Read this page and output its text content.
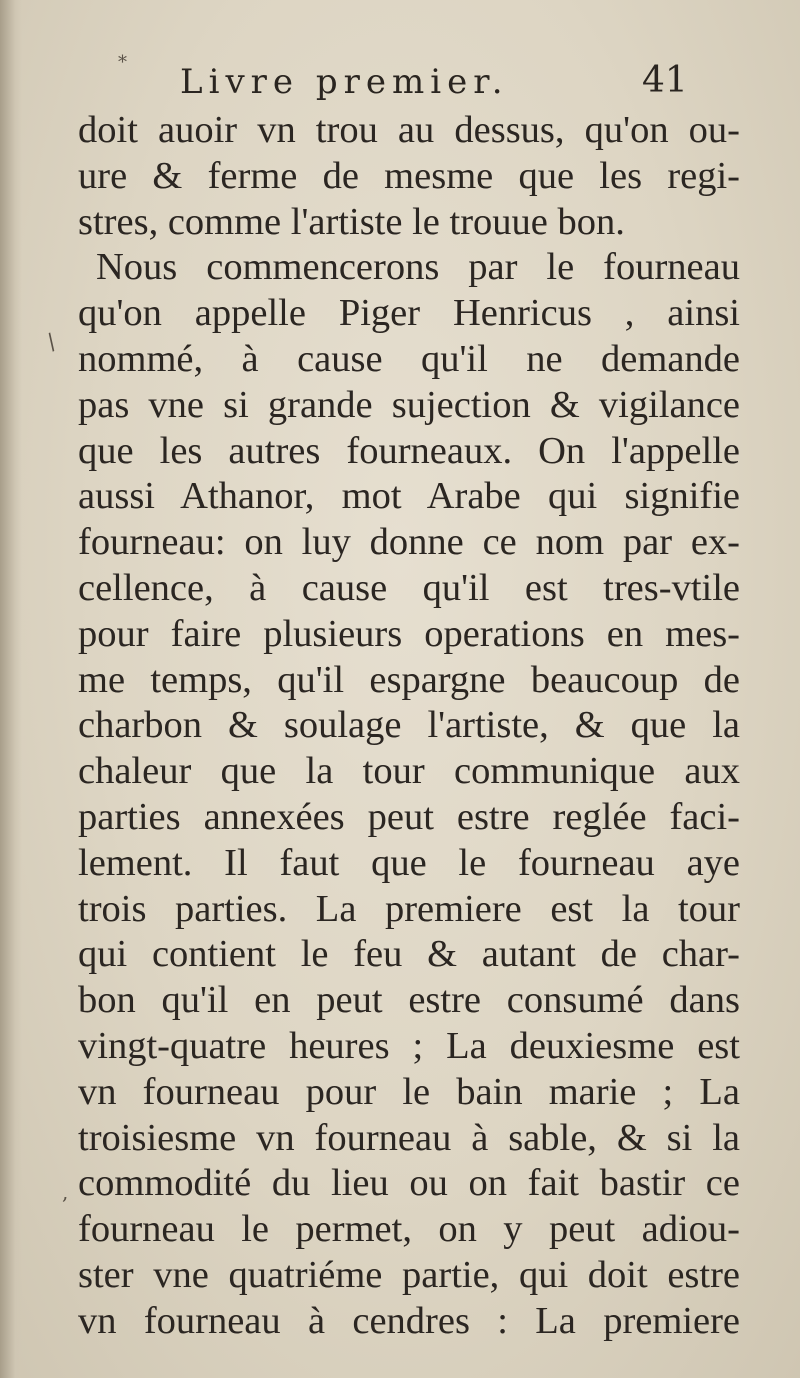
Livre premier.	41
*
/
,
doit auoir vn trou au dessus, qu'on ou-
ure & ferme de mesme que les regi-
stres, comme l'artiste le trouue bon.
Nous commencerons par le fourneau
qu'on appelle Piger Henricus , ainsi
nommé, à cause qu'il ne demande
pas vne si grande sujection & vigilance
que les autres fourneaux. On l'appelle
aussi Athanor, mot Arabe qui signifie
fourneau: on luy donne ce nom par ex-
cellence, à cause qu'il est tres-vtile
pour faire plusieurs operations en mes-
me temps, qu'il espargne beaucoup de
charbon & soulage l'artiste, & que la
chaleur que la tour communique aux
parties annexées peut estre reglée faci-
lement. Il faut que le fourneau aye
trois parties. La premiere est la tour
qui contient le feu & autant de char-
bon qu'il en peut estre consumé dans
vingt-quatre heures ; La deuxiesme est
vn fourneau pour le bain marie ; La
troisiesme vn fourneau à sable, & si la
commodité du lieu ou on fait bastir ce
fourneau le permet, on y peut adiou-
ster vne quatriéme partie, qui doit estre
vn fourneau à cendres : La premiere
